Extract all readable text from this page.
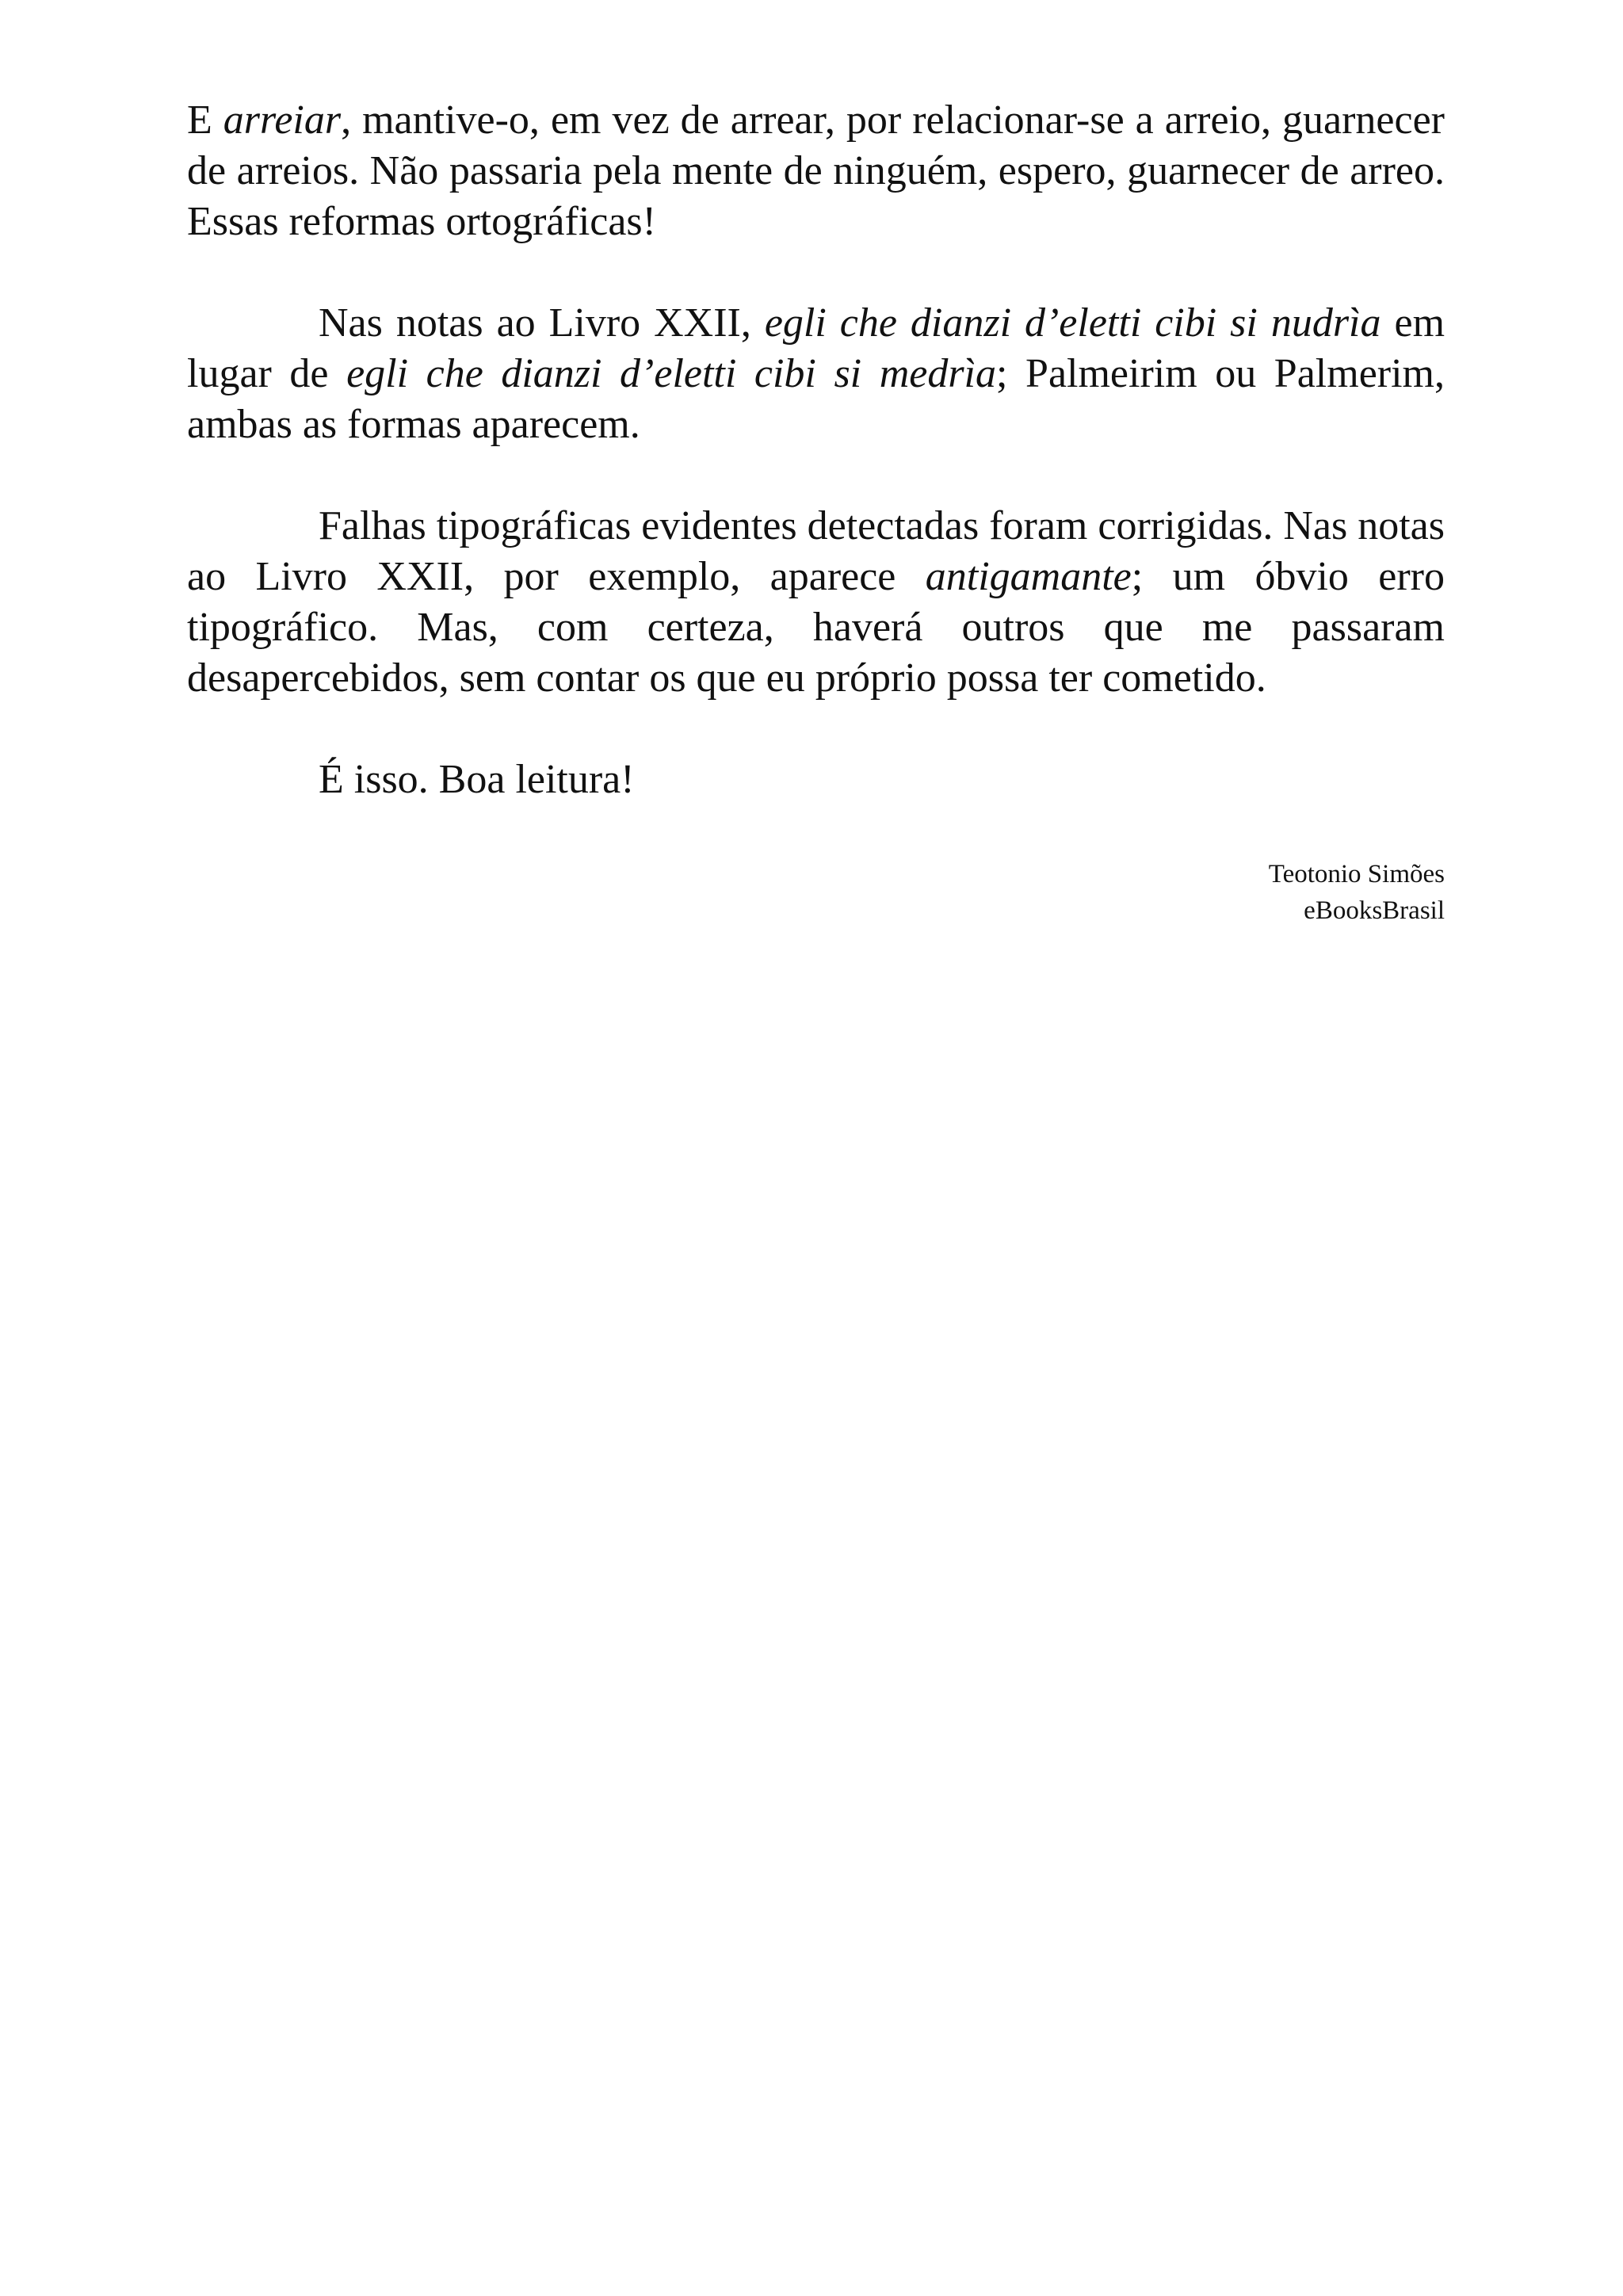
E arreiar, mantive-o, em vez de arrear, por relacionar-se a arreio, guarnecer de arreios. Não passaria pela mente de ninguém, espero, guarnecer de arreo. Essas reformas ortográficas!

Nas notas ao Livro XXII, egli che dianzi d’eletti cibi si nudrìa em lugar de egli che dianzi d’eletti cibi si medrìa; Palmeirim ou Palmerim, ambas as formas aparecem.

Falhas tipográficas evidentes detectadas foram corrigidas. Nas notas ao Livro XXII, por exemplo, aparece antigamante; um óbvio erro tipográfico. Mas, com certeza, haverá outros que me passaram desapercebidos, sem contar os que eu próprio possa ter cometido.

É isso. Boa leitura!

Teotonio Simões
eBooksBrasil
